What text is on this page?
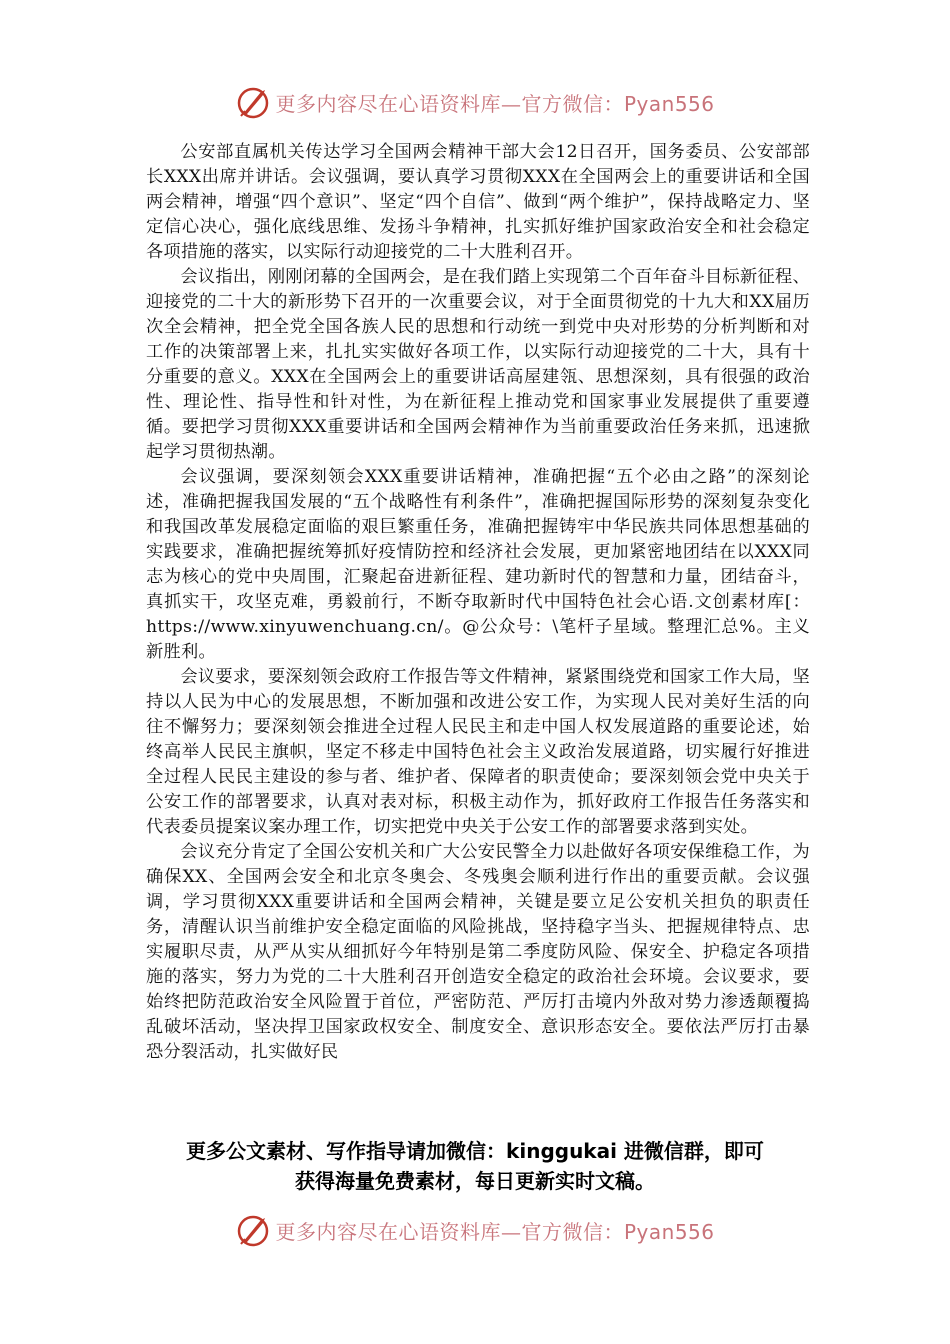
更多内容尽在心语资料库—官方微信：Pyan556

公安部直属机关传达学习全国两会精神干部大会12日召开，国务委员、公安部部长XXX出席并讲话。会议强调，要认真学习贯彻XXX在全国两会上的重要讲话和全国两会精神，增强“四个意识”、坚定“四个自信”、做到“两个维护”，保持战略定力、坚定信心决心，强化底线思维、发扬斗争精神，扎实抓好维护国家政治安全和社会稳定各项措施的落实，以实际行动迎接党的二十大胜利召开。

会议指出，刚刚闭幕的全国两会，是在我们踏上实现第二个百年奋斗目标新征程、迎接党的二十大的新形势下召开的一次重要会议，对于全面贯彻党的十九大和XX届历次全会精神，把全党全国各族人民的思想和行动统一到党中央对形势的分析判断和对工作的决策部署上来，扎扎实实做好各项工作，以实际行动迎接党的二十大，具有十分重要的意义。XXX在全国两会上的重要讲话高屋建瓴、思想深刻，具有很强的政治性、理论性、指导性和针对性，为在新征程上推动党和国家事业发展提供了重要遵循。要把学习贯彻XXX重要讲话和全国两会精神作为当前重要政治任务来抓，迅速掀起学习贯彻热潮。

会议强调，要深刻领会XXX重要讲话精神，准确把握“五个必由之路”的深刻论述，准确把握我国发展的“五个战略性有利条件”，准确把握国际形势的深刻复杂变化和我国改革发展稳定面临的艰巨繁重任务，准确把握铸牢中华民族共同体思想基础的实践要求，准确把握统筹抓好疫情防控和经济社会发展，更加紧密地团结在以XXX同志为核心的党中央周围，汇聚起奋进新征程、建功新时代的智慧和力量，团结奋斗，真抓实干，攻坚克难，勇毅前行，不断夺取新时代中国特色社会心语.文创素材库[：https://www.xinyuwenchuang.cn/。@公众号：\笔杆子星域。整理汇总%。主义新胜利。

会议要求，要深刻领会政府工作报告等文件精神，紧紧围绕党和国家工作大局，坚持以人民为中心的发展思想，不断加强和改进公安工作，为实现人民对美好生活的向往不懈努力；要深刻领会推进全过程人民民主和走中国人权发展道路的重要论述，始终高举人民民主旗帜，坚定不移走中国特色社会主义政治发展道路，切实履行好推进全过程人民民主建设的参与者、维护者、保障者的职责使命；要深刻领会党中央关于公安工作的部署要求，认真对表对标，积极主动作为，抓好政府工作报告任务落实和代表委员提案议案办理工作，切实把党中央关于公安工作的部署要求落到实处。

会议充分肯定了全国公安机关和广大公安民警全力以赴做好各项安保维稳工作，为确保XX、全国两会安全和北京冬奥会、冬残奥会顺利进行作出的重要贡献。会议强调，学习贯彻XXX重要讲话和全国两会精神，关键是要立足公安机关担负的职责任务，清醒认识当前维护安全稳定面临的风险挑战，坚持稳字当头、把握规律特点、忠实履职尽责，从严从实从细抓好今年特别是第二季度防风险、保安全、护稳定各项措施的落实，努力为党的二十大胜利召开创造安全稳定的政治社会环境。会议要求，要始终把防范政治安全风险置于首位，严密防范、严厉打击境内外敌对势力渗透颠覆捣乱破坏活动，坚决捍卫国家政权安全、制度安全、意识形态安全。要依法严厉打击暴恐分裂活动，扎实做好民

更多公文素材、写作指导请加微信：kinggukai 进微信群，即可
获得海量免费素材，每日更新实时文稿。
更多内容尽在心语资料库—官方微信：Pyan556
